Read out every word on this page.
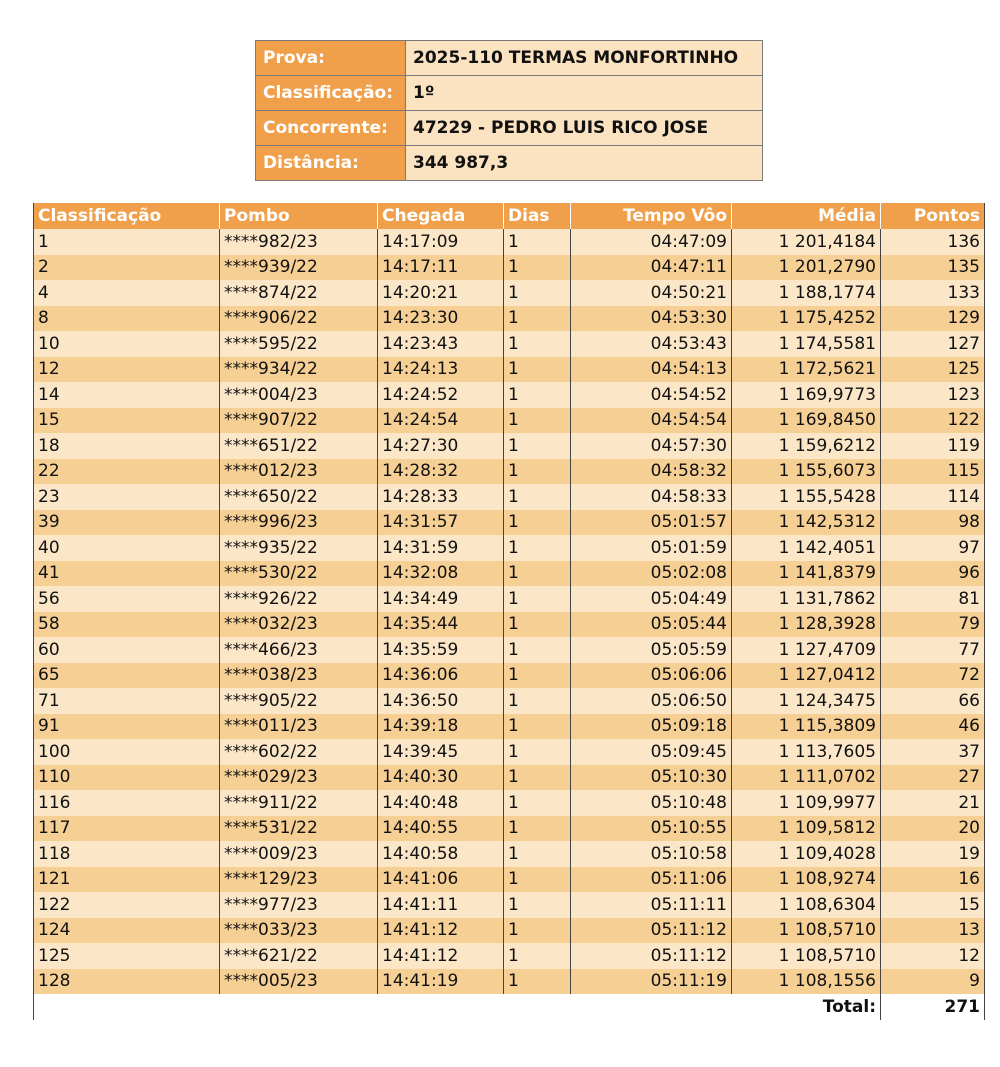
Prova:	2025-110 TERMAS MONFORTINHO
Classificação:	1º
Concorrente:	47229 - PEDRO LUIS RICO JOSE
Distância:	344 987,3
Classificação	Pombo	Chegada	Dias	Tempo Vôo	Média	Pontos
1	****982/23	14:17:09	1	04:47:09	1 201,4184	136
2	****939/22	14:17:11	1	04:47:11	1 201,2790	135
4	****874/22	14:20:21	1	04:50:21	1 188,1774	133
8	****906/22	14:23:30	1	04:53:30	1 175,4252	129
10	****595/22	14:23:43	1	04:53:43	1 174,5581	127
12	****934/22	14:24:13	1	04:54:13	1 172,5621	125
14	****004/23	14:24:52	1	04:54:52	1 169,9773	123
15	****907/22	14:24:54	1	04:54:54	1 169,8450	122
18	****651/22	14:27:30	1	04:57:30	1 159,6212	119
22	****012/23	14:28:32	1	04:58:32	1 155,6073	115
23	****650/22	14:28:33	1	04:58:33	1 155,5428	114
39	****996/23	14:31:57	1	05:01:57	1 142,5312	98
40	****935/22	14:31:59	1	05:01:59	1 142,4051	97
41	****530/22	14:32:08	1	05:02:08	1 141,8379	96
56	****926/22	14:34:49	1	05:04:49	1 131,7862	81
58	****032/23	14:35:44	1	05:05:44	1 128,3928	79
60	****466/23	14:35:59	1	05:05:59	1 127,4709	77
65	****038/23	14:36:06	1	05:06:06	1 127,0412	72
71	****905/22	14:36:50	1	05:06:50	1 124,3475	66
91	****011/23	14:39:18	1	05:09:18	1 115,3809	46
100	****602/22	14:39:45	1	05:09:45	1 113,7605	37
110	****029/23	14:40:30	1	05:10:30	1 111,0702	27
116	****911/22	14:40:48	1	05:10:48	1 109,9977	21
117	****531/22	14:40:55	1	05:10:55	1 109,5812	20
118	****009/23	14:40:58	1	05:10:58	1 109,4028	19
121	****129/23	14:41:06	1	05:11:06	1 108,9274	16
122	****977/23	14:41:11	1	05:11:11	1 108,6304	15
124	****033/23	14:41:12	1	05:11:12	1 108,5710	13
125	****621/22	14:41:12	1	05:11:12	1 108,5710	12
128	****005/23	14:41:19	1	05:11:19	1 108,1556	9
					Total:	271
